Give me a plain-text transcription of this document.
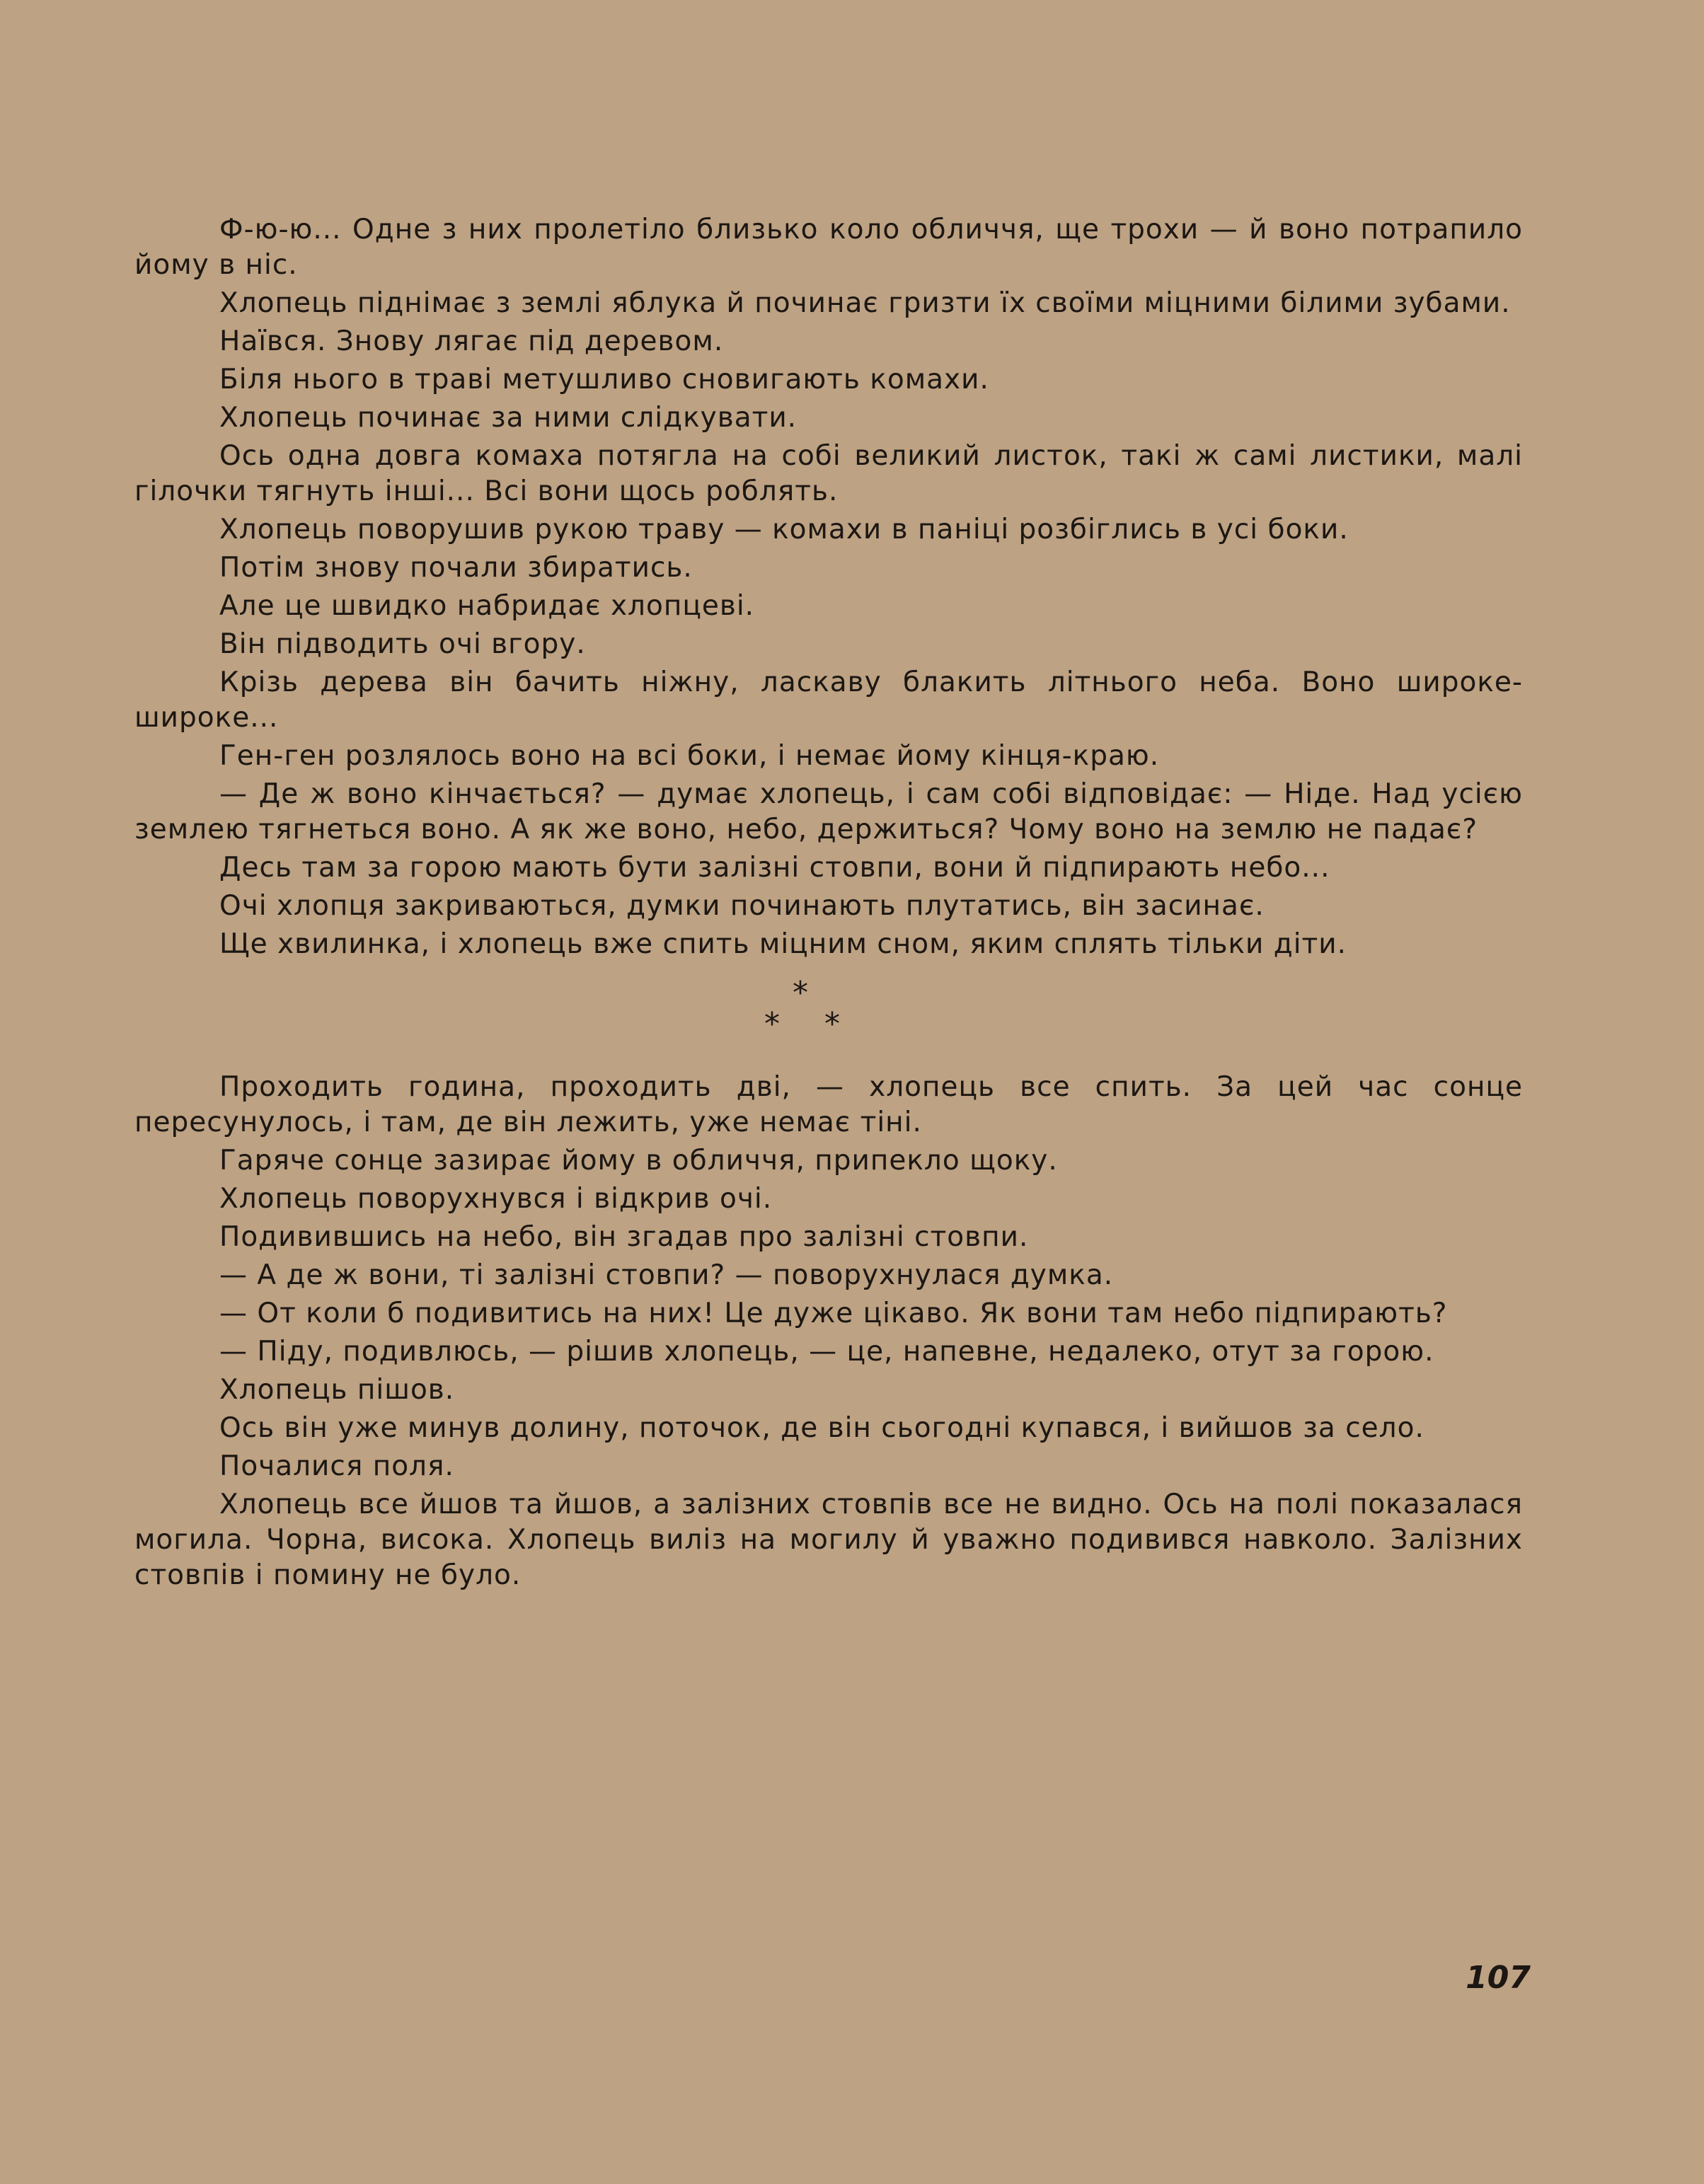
Ф-ю-ю... Одне з них пролетіло близько коло обличчя, ще трохи — й воно потрапило йому в ніс.

Хлопець піднімає з землі яблука й починає гризти їх своїми міцними білими зубами.

Наївся. Знову лягає під деревом.

Біля нього в траві метушливо сновигають комахи.

Хлопець починає за ними слідкувати.

Ось одна довга комаха потягла на собі великий листок, такі ж самі листики, малі гілочки тягнуть інші... Всі вони щось роблять.

Хлопець поворушив рукою траву — комахи в паніці розбіглись в усі боки.

Потім знову почали збиратись.

Але це швидко набридає хлопцеві.

Він підводить очі вгору.

Крізь дерева він бачить ніжну, ласкаву блакить літнього неба. Воно широке-широке...

Ген-ген розлялось воно на всі боки, і немає йому кінця-краю.

— Де ж воно кінчається? — думає хлопець, і сам собі відповідає: — Ніде. Над усією землею тягнеться воно. А як же воно, небо, держиться? Чому воно на землю не падає?

Десь там за горою мають бути залізні стовпи, вони й підпирають небо...

Очі хлопця закриваються, думки починають плутатись, він засинає.

Ще хвилинка, і хлопець вже спить міцним сном, яким сплять тільки діти.

*
* *

Проходить година, проходить дві, — хлопець все спить. За цей час сонце пересунулось, і там, де він лежить, уже немає тіні.

Гаряче сонце зазирає йому в обличчя, припекло щоку.

Хлопець поворухнувся і відкрив очі.

Подивившись на небо, він згадав про залізні стовпи.

— А де ж вони, ті залізні стовпи? — поворухнулася думка.

— От коли б подивитись на них! Це дуже цікаво. Як вони там небо підпирають?

— Піду, подивлюсь, — рішив хлопець, — це, напевне, недалеко, отут за горою.

Хлопець пішов.

Ось він уже минув долину, поточок, де він сьогодні купався, і вийшов за село.

Почалися поля.

Хлопець все йшов та йшов, а залізних стовпів все не видно. Ось на полі показалася могила. Чорна, висока. Хлопець виліз на могилу й уважно подивився навколо. Залізних стовпів і помину не було.

107
